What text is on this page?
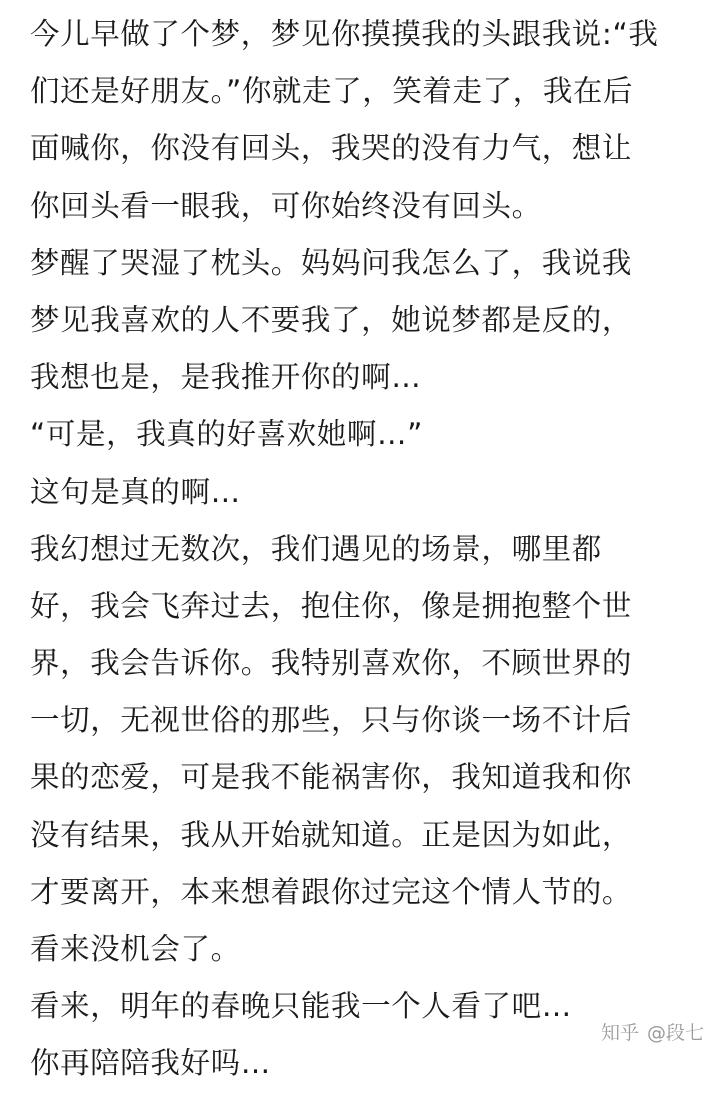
今儿早做了个梦，梦见你摸摸我的头跟我说:“我
们还是好朋友。”你就走了，笑着走了，我在后
面喊你，你没有回头，我哭的没有力气，想让
你回头看一眼我，可你始终没有回头。
梦醒了哭湿了枕头。妈妈问我怎么了，我说我
梦见我喜欢的人不要我了，她说梦都是反的，
我想也是，是我推开你的啊…
“可是，我真的好喜欢她啊…”
这句是真的啊…
我幻想过无数次，我们遇见的场景，哪里都
好，我会飞奔过去，抱住你，像是拥抱整个世
界，我会告诉你。我特别喜欢你，不顾世界的
一切，无视世俗的那些，只与你谈一场不计后
果的恋爱，可是我不能祸害你，我知道我和你
没有结果，我从开始就知道。正是因为如此，
才要离开，本来想着跟你过完这个情人节的。
看来没机会了。
看来，明年的春晚只能我一个人看了吧…
你再陪陪我好吗…
知乎 @段七
